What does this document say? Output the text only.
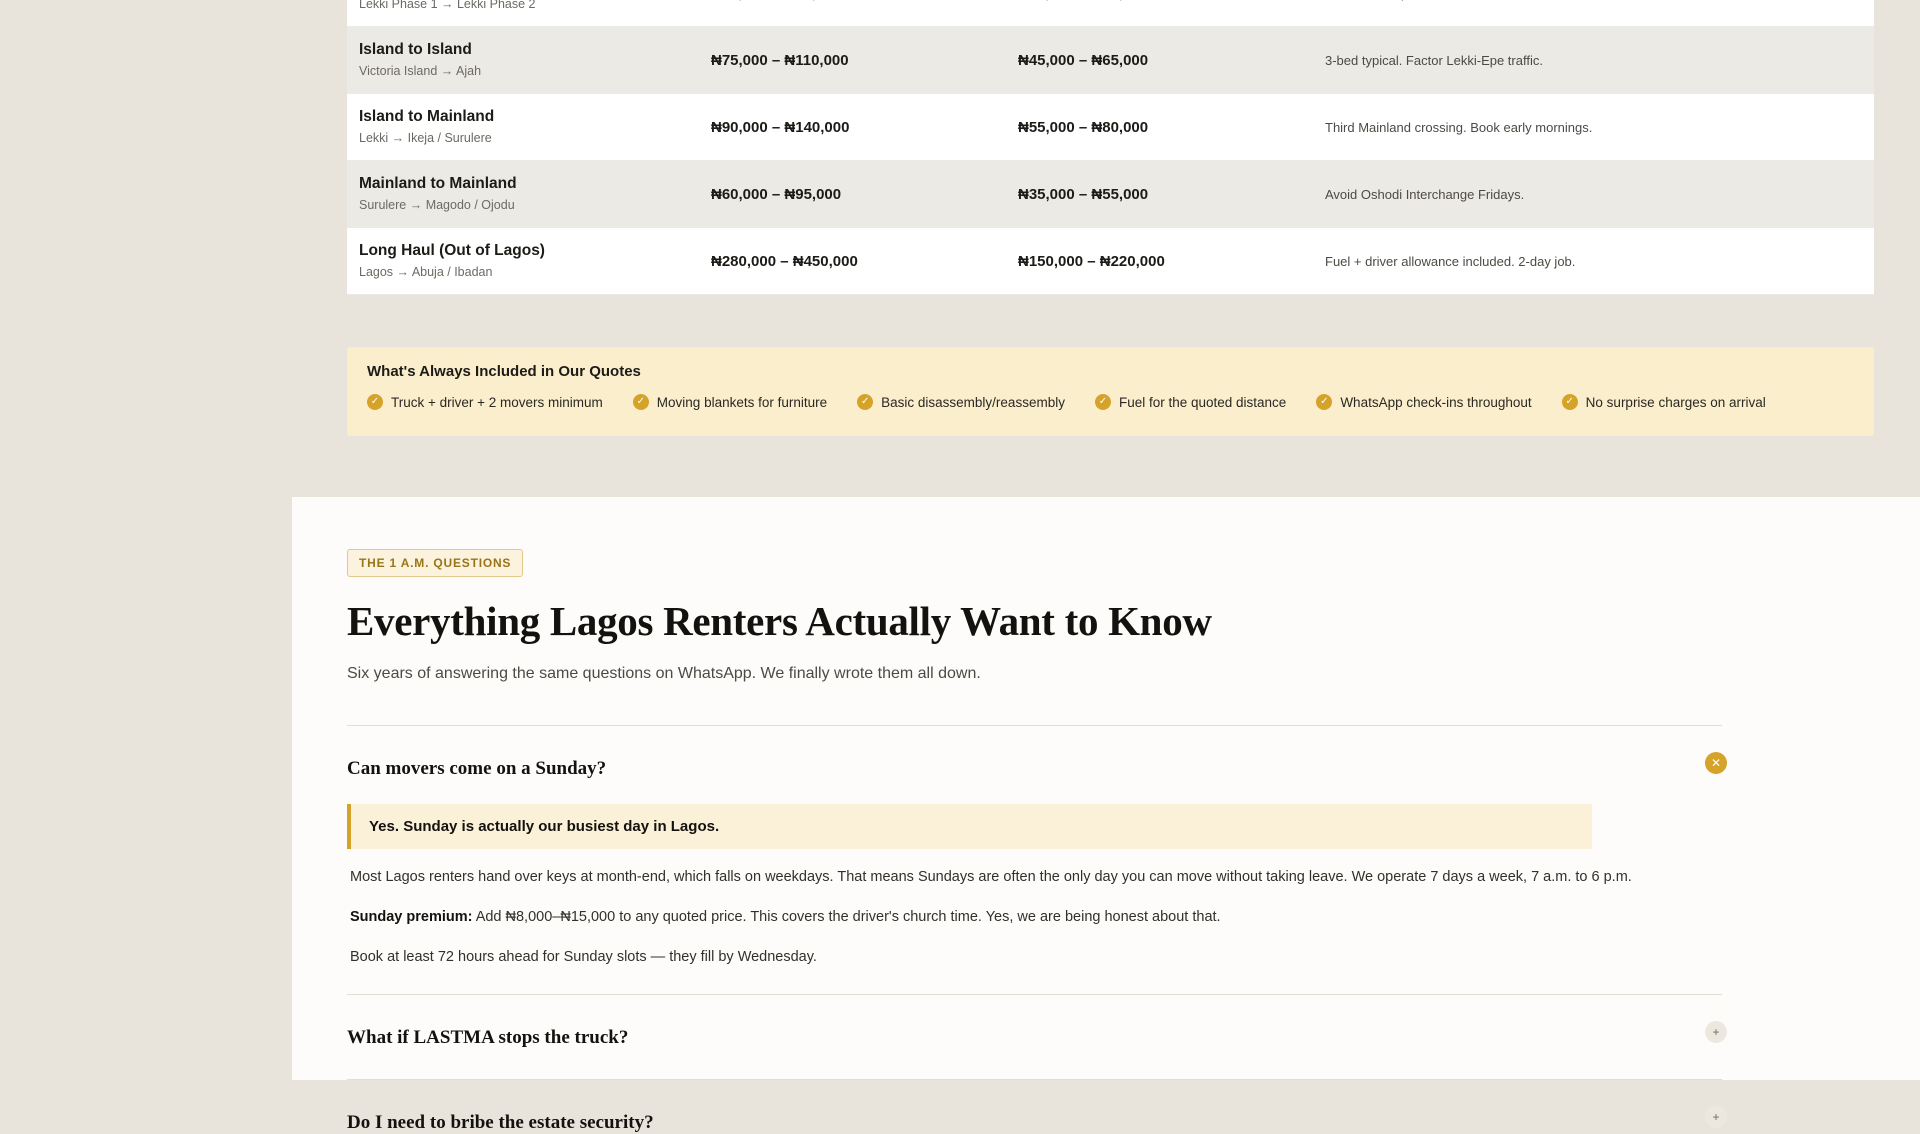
Lekki Phase 1 → Lekki Phase 2
Island to Island
Victoria Island → Ajah
₦75,000 – ₦110,000	₦45,000 – ₦65,000	3-bed typical. Factor Lekki-Epe traffic.
Island to Mainland
Lekki → Ikeja / Surulere
₦90,000 – ₦140,000	₦55,000 – ₦80,000	Third Mainland crossing. Book early mornings.
Mainland to Mainland
Surulere → Magodo / Ojodu
₦60,000 – ₦95,000	₦35,000 – ₦55,000	Avoid Oshodi Interchange Fridays.
Long Haul (Out of Lagos)
Lagos → Abuja / Ibadan
₦280,000 – ₦450,000	₦150,000 – ₦220,000	Fuel + driver allowance included. 2-day job.
What's Always Included in Our Quotes
✓ Truck + driver + 2 movers minimum	✓ Moving blankets for furniture	✓ Basic disassembly/reassembly	✓ Fuel for the quoted distance	✓ WhatsApp check-ins throughout	✓ No surprise charges on arrival
THE 1 A.M. QUESTIONS
Everything Lagos Renters Actually Want to Know
Six years of answering the same questions on WhatsApp. We finally wrote them all down.
Can movers come on a Sunday?	✕
Yes. Sunday is actually our busiest day in Lagos.
Most Lagos renters hand over keys at month-end, which falls on weekdays. That means Sundays are often the only day you can move without taking leave. We operate 7 days a week, 7 a.m. to 6 p.m.
Sunday premium: Add ₦8,000–₦15,000 to any quoted price. This covers the driver's church time. Yes, we are being honest about that.
Book at least 72 hours ahead for Sunday slots — they fill by Wednesday.
What if LASTMA stops the truck?	+
Do I need to bribe the estate security?	+
